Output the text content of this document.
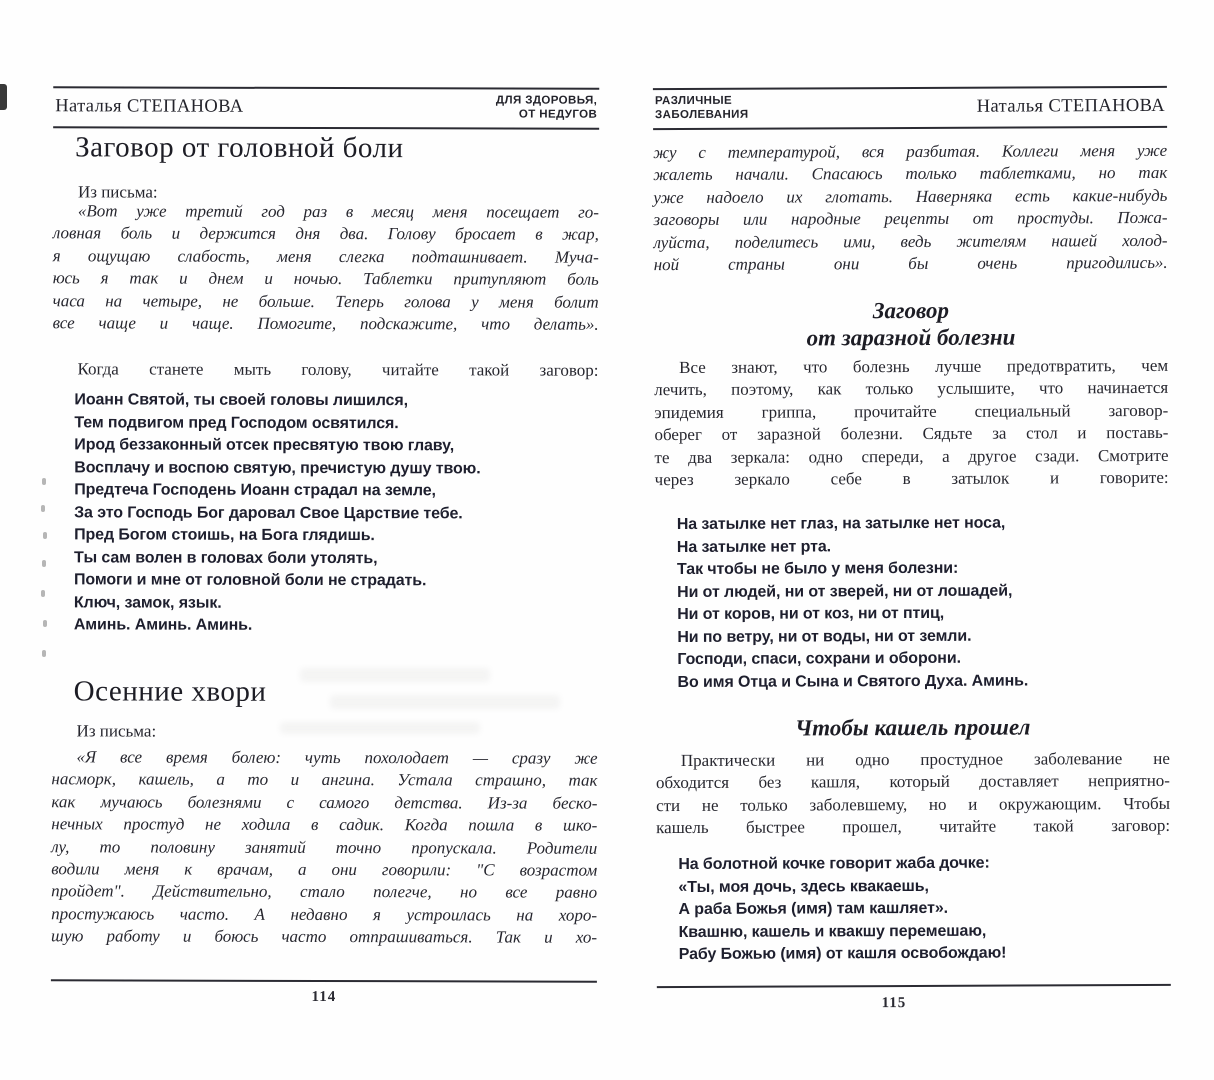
Наталья СТЕПАНОВА	ДЛЯ ЗДОРОВЬЯ,
ОТ НЕДУГОВ
Заговор от головной боли
Из письма:
«Вот уже третий год раз в месяц меня посещает го-
ловная боль и держится дня два. Голову бросает в жар,
я ощущаю слабость, меня слегка подташнивает. Муча-
юсь я так и днем и ночью. Таблетки притупляют боль
часа на четыре, не больше. Теперь голова у меня болит
все чаще и чаще. Помогите, подскажите, что делать».
Когда станете мыть голову, читайте такой заговор:
Иоанн Святой, ты своей головы лишился,
Тем подвигом пред Господом освятился.
Ирод беззаконный отсек пресвятую твою главу,
Восплачу и воспою святую, пречистую душу твою.
Предтеча Господень Иоанн страдал на земле,
За это Господь Бог даровал Свое Царствие тебе.
Пред Богом стоишь, на Бога глядишь.
Ты сам волен в головах боли утолять,
Помоги и мне от головной боли не страдать.
Ключ, замок, язык.
Аминь. Аминь. Аминь.
Осенние хвори
Из письма:
«Я все время болею: чуть похолодает — сразу же
насморк, кашель, а то и ангина. Устала страшно, так
как мучаюсь болезнями с самого детства. Из-за беско-
нечных простуд не ходила в садик. Когда пошла в шко-
лу, то половину занятий точно пропускала. Родители
водили меня к врачам, а они говорили: "С возрастом
пройдет". Действительно, стало полегче, но все равно
простужаюсь часто. А недавно я устроилась на хоро-
шую работу и боюсь часто отпрашиваться. Так и хо-
114
РАЗЛИЧНЫЕ
ЗАБОЛЕВАНИЯ	Наталья СТЕПАНОВА
жу с температурой, вся разбитая. Коллеги меня уже
жалеть начали. Спасаюсь только таблетками, но так
уже надоело их глотать. Наверняка есть какие-нибудь
заговоры или народные рецепты от простуды. Пожа-
луйста, поделитесь ими, ведь жителям нашей холод-
ной страны они бы очень пригодились».
Заговор
от заразной болезни
Все знают, что болезнь лучше предотвратить, чем
лечить, поэтому, как только услышите, что начинается
эпидемия гриппа, прочитайте специальный заговор-
оберег от заразной болезни. Сядьте за стол и поставь-
те два зеркала: одно спереди, а другое сзади. Смотрите
через зеркало себе в затылок и говорите:
На затылке нет глаз, на затылке нет носа,
На затылке нет рта.
Так чтобы не было у меня болезни:
Ни от людей, ни от зверей, ни от лошадей,
Ни от коров, ни от коз, ни от птиц,
Ни по ветру, ни от воды, ни от земли.
Господи, спаси, сохрани и оборони.
Во имя Отца и Сына и Святого Духа. Аминь.
Чтобы кашель прошел
Практически ни одно простудное заболевание не
обходится без кашля, который доставляет неприятно-
сти не только заболевшему, но и окружающим. Чтобы
кашель быстрее прошел, читайте такой заговор:
На болотной кочке говорит жаба дочке:
«Ты, моя дочь, здесь квакаешь,
А раба Божья (имя) там кашляет».
Квашню, кашель и квакшу перемешаю,
Рабу Божью (имя) от кашля освобождаю!
115
